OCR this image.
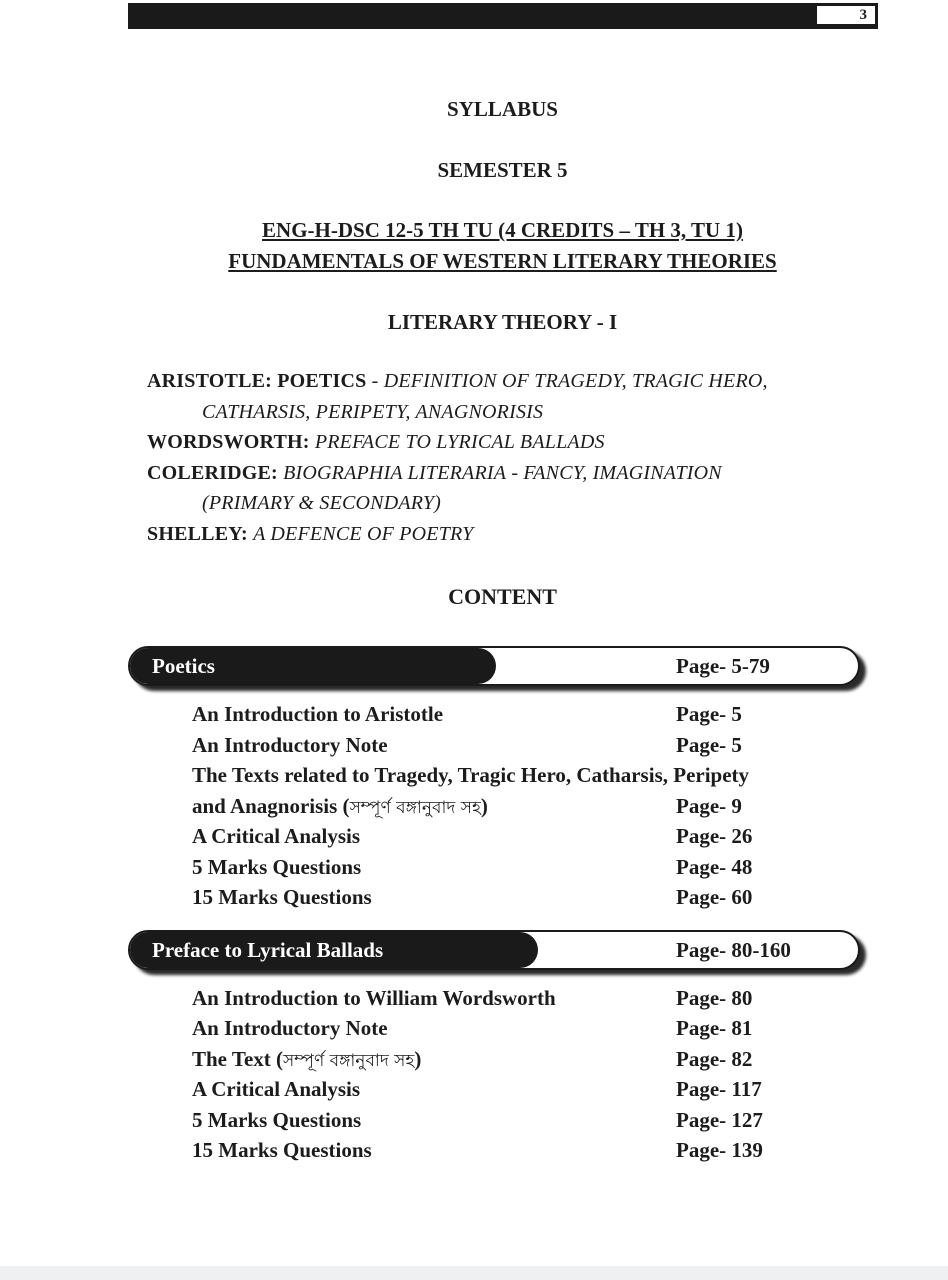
3
SYLLABUS
SEMESTER 5
ENG-H-DSC 12-5 TH TU (4 CREDITS – TH 3, TU 1)
FUNDAMENTALS OF WESTERN LITERARY THEORIES
LITERARY THEORY - I
ARISTOTLE: POETICS - DEFINITION OF TRAGEDY, TRAGIC HERO,
CATHARSIS, PERIPETY, ANAGNORISIS
WORDSWORTH: PREFACE TO LYRICAL BALLADS
COLERIDGE: BIOGRAPHIA LITERARIA - FANCY, IMAGINATION
(PRIMARY & SECONDARY)
SHELLEY: A DEFENCE OF POETRY
CONTENT
Poetics	Page- 5-79
An Introduction to Aristotle	Page- 5
An Introductory Note	Page- 5
The Texts related to Tragedy, Tragic Hero, Catharsis, Peripety
and Anagnorisis (সম্পূর্ণ বঙ্গানুবাদ সহ)	Page- 9
A Critical Analysis	Page- 26
5 Marks Questions	Page- 48
15 Marks Questions	Page- 60
Preface to Lyrical Ballads	Page- 80-160
An Introduction to William Wordsworth	Page- 80
An Introductory Note	Page- 81
The Text (সম্পূর্ণ বঙ্গানুবাদ সহ)	Page- 82
A Critical Analysis	Page- 117
5 Marks Questions	Page- 127
15 Marks Questions	Page- 139
